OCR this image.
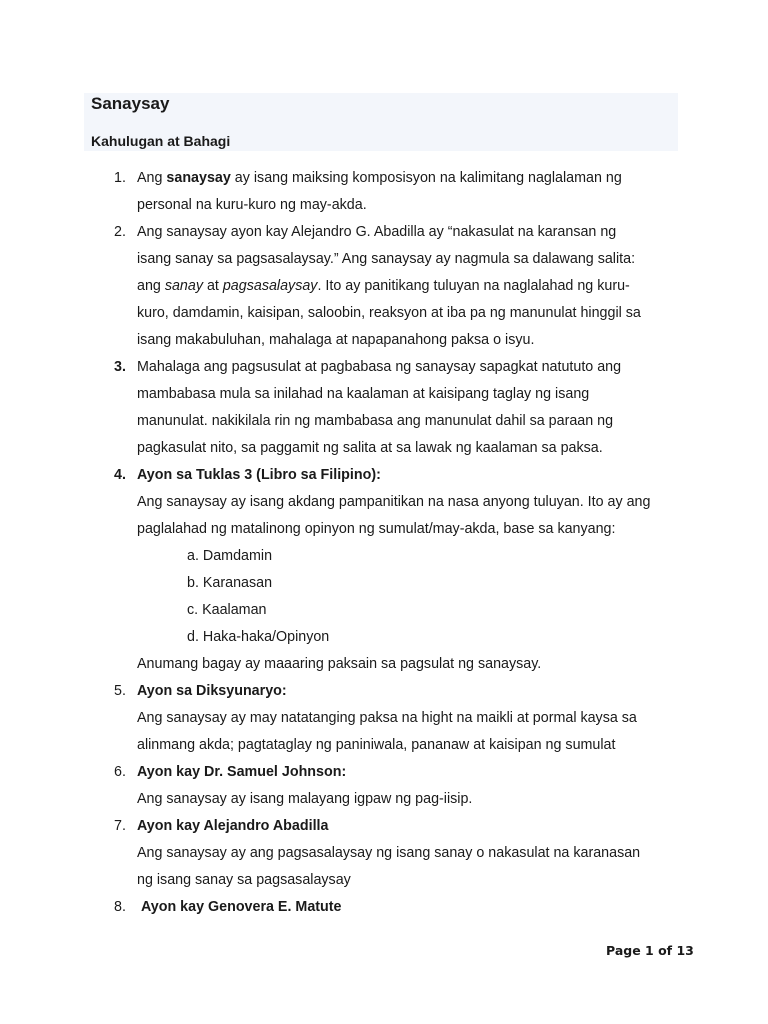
Sanaysay
Kahulugan at Bahagi
1. Ang sanaysay ay isang maiksing komposisyon na kalimitang naglalaman ng
personal na kuru-kuro ng may-akda.
2. Ang sanaysay ayon kay Alejandro G. Abadilla ay “nakasulat na karansan ng
isang sanay sa pagsasalaysay.” Ang sanaysay ay nagmula sa dalawang salita:
ang sanay at pagsasalaysay. Ito ay panitikang tuluyan na naglalahad ng kuru-
kuro, damdamin, kaisipan, saloobin, reaksyon at iba pa ng manunulat hinggil sa
isang makabuluhan, mahalaga at napapanahong paksa o isyu.
3. Mahalaga ang pagsusulat at pagbabasa ng sanaysay sapagkat natututo ang
mambabasa mula sa inilahad na kaalaman at kaisipang taglay ng isang
manunulat. nakikilala rin ng mambabasa ang manunulat dahil sa paraan ng
pagkasulat nito, sa paggamit ng salita at sa lawak ng kaalaman sa paksa.
4. Ayon sa Tuklas 3 (Libro sa Filipino):
Ang sanaysay ay isang akdang pampanitikan na nasa anyong tuluyan. Ito ay ang
paglalahad ng matalinong opinyon ng sumulat/may-akda, base sa kanyang:
a. Damdamin
b. Karanasan
c. Kaalaman
d. Haka-haka/Opinyon
Anumang bagay ay maaaring paksain sa pagsulat ng sanaysay.
5. Ayon sa Diksyunaryo:
Ang sanaysay ay may natatanging paksa na hight na maikli at pormal kaysa sa
alinmang akda; pagtataglay ng paniniwala, pananaw at kaisipan ng sumulat
6. Ayon kay Dr. Samuel Johnson:
Ang sanaysay ay isang malayang igpaw ng pag-iisip.
7. Ayon kay Alejandro Abadilla
Ang sanaysay ay ang pagsasalaysay ng isang sanay o nakasulat na karanasan
ng isang sanay sa pagsasalaysay
8. Ayon kay Genovera E. Matute
Page 1 of 13
